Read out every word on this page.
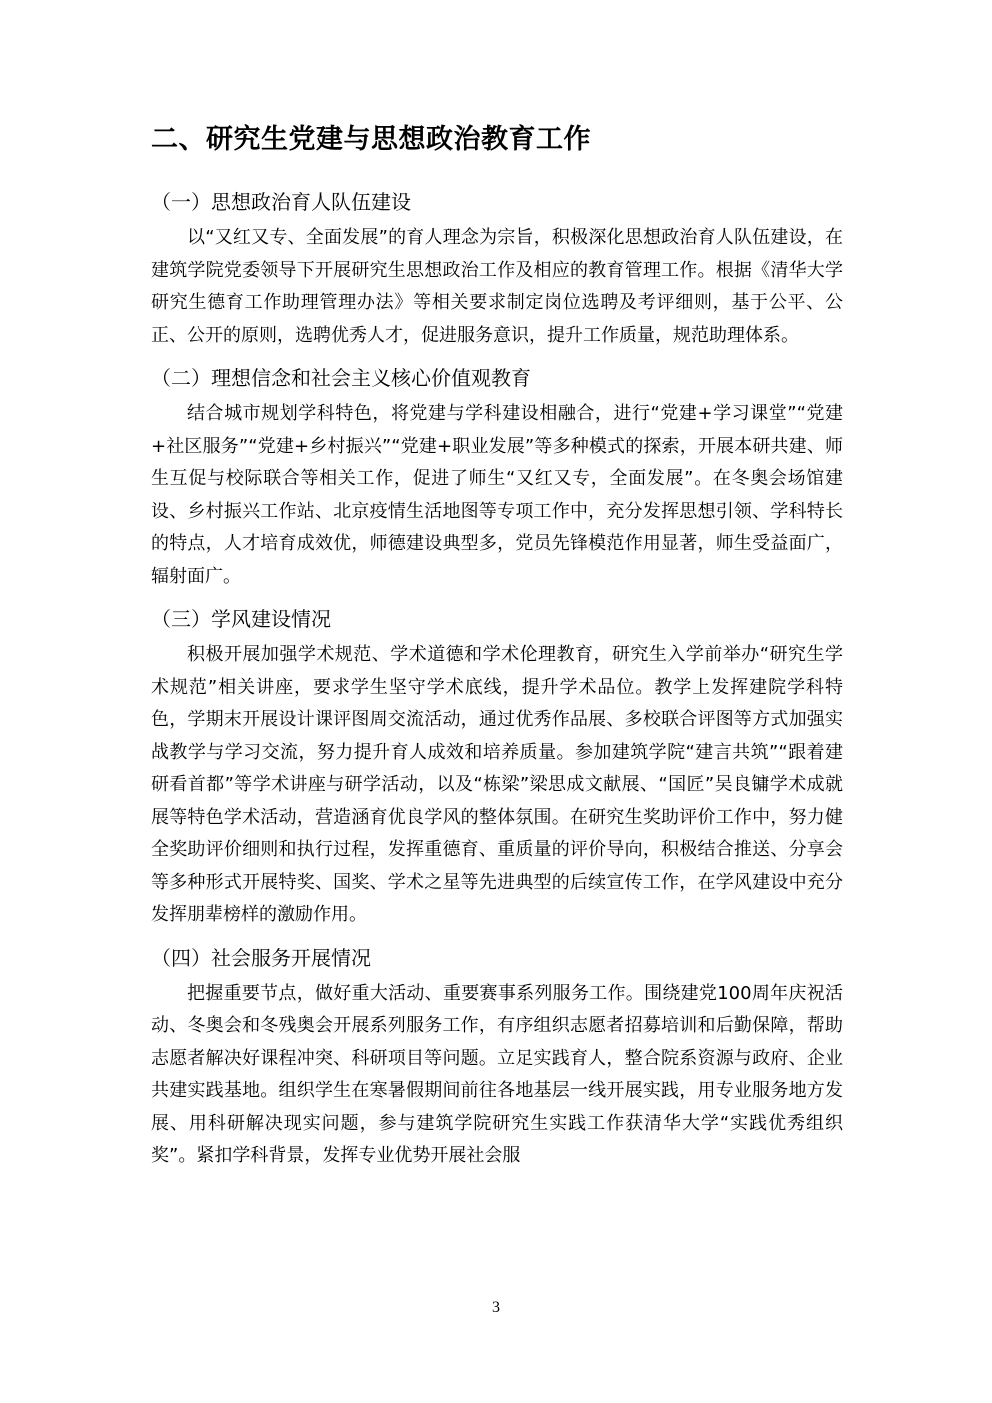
二、研究生党建与思想政治教育工作
（一）思想政治育人队伍建设

以“又红又专、全面发展”的育人理念为宗旨，积极深化思想政治育人队伍建设，在建筑学院党委领导下开展研究生思想政治工作及相应的教育管理工作。根据《清华大学研究生德育工作助理管理办法》等相关要求制定岗位选聘及考评细则，基于公平、公正、公开的原则，选聘优秀人才，促进服务意识，提升工作质量，规范助理体系。

（二）理想信念和社会主义核心价值观教育

结合城市规划学科特色，将党建与学科建设相融合，进行“党建+学习课堂”“党建+社区服务”“党建+乡村振兴”“党建+职业发展”等多种模式的探索，开展本研共建、师生互促与校际联合等相关工作，促进了师生“又红又专，全面发展”。在冬奥会场馆建设、乡村振兴工作站、北京疫情生活地图等专项工作中，充分发挥思想引领、学科特长的特点，人才培育成效优，师德建设典型多，党员先锋模范作用显著，师生受益面广，辐射面广。

（三）学风建设情况

积极开展加强学术规范、学术道德和学术伦理教育，研究生入学前举办“研究生学术规范”相关讲座，要求学生坚守学术底线，提升学术品位。教学上发挥建院学科特色，学期末开展设计课评图周交流活动，通过优秀作品展、多校联合评图等方式加强实战教学与学习交流，努力提升育人成效和培养质量。参加建筑学院“建言共筑”“跟着建研看首都”等学术讲座与研学活动，以及“栋梁”梁思成文献展、“国匠”吴良镛学术成就展等特色学术活动，营造涵育优良学风的整体氛围。在研究生奖助评价工作中，努力健全奖助评价细则和执行过程，发挥重德育、重质量的评价导向，积极结合推送、分享会等多种形式开展特奖、国奖、学术之星等先进典型的后续宣传工作，在学风建设中充分发挥朋辈榜样的激励作用。

（四）社会服务开展情况

把握重要节点，做好重大活动、重要赛事系列服务工作。围绕建党100周年庆祝活动、冬奥会和冬残奥会开展系列服务工作，有序组织志愿者招募培训和后勤保障，帮助志愿者解决好课程冲突、科研项目等问题。立足实践育人，整合院系资源与政府、企业共建实践基地。组织学生在寒暑假期间前往各地基层一线开展实践，用专业服务地方发展、用科研解决现实问题，参与建筑学院研究生实践工作获清华大学“实践优秀组织奖”。紧扣学科背景，发挥专业优势开展社会服

3
